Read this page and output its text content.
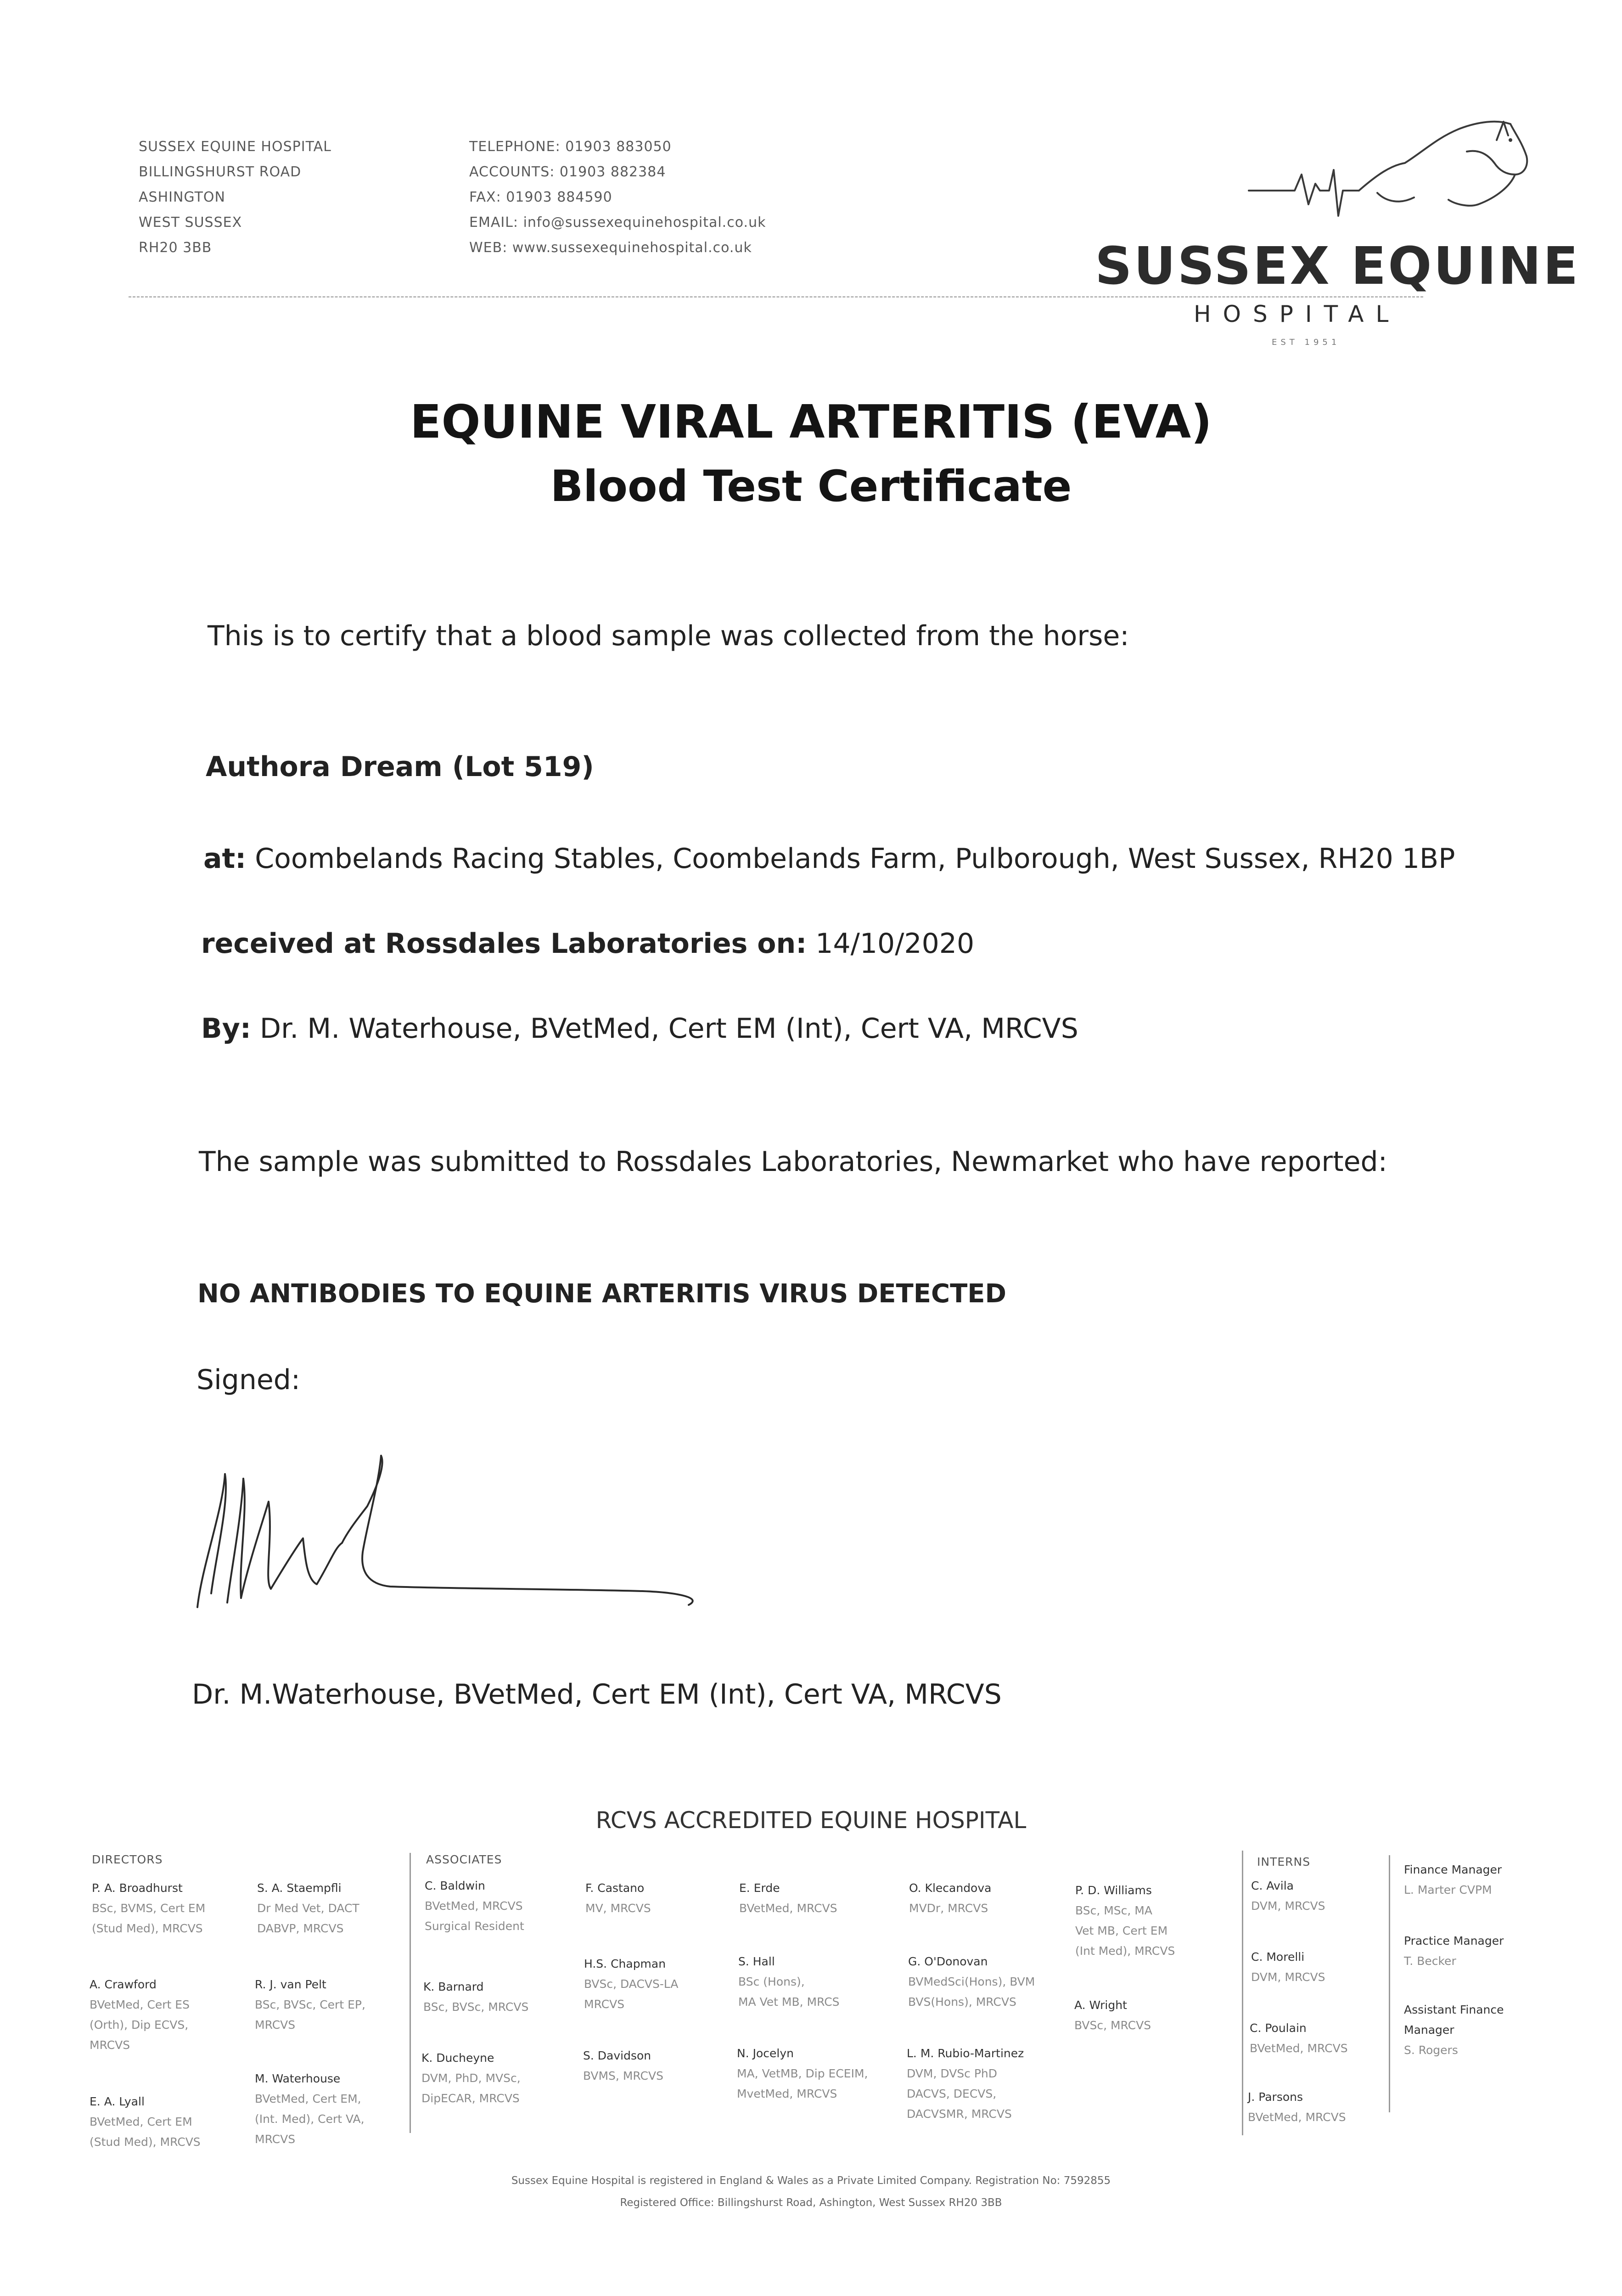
SUSSEX EQUINE HOSPITAL
BILLINGSHURST ROAD
ASHINGTON
WEST SUSSEX
RH20 3BB
TELEPHONE: 01903 883050
ACCOUNTS: 01903 882384
FAX: 01903 884590
EMAIL: info@sussexequinehospital.co.uk
WEB: www.sussexequinehospital.co.uk	SUSSEX EQUINE
HOSPITAL
EST 1951
EQUINE VIRAL ARTERITIS (EVA)
Blood Test Certificate
This is to certify that a blood sample was collected from the horse:
Authora Dream (Lot 519)
at: Coombelands Racing Stables, Coombelands Farm, Pulborough, West Sussex, RH20 1BP
received at Rossdales Laboratories on: 14/10/2020
By: Dr. M. Waterhouse, BVetMed, Cert EM (Int), Cert VA, MRCVS
The sample was submitted to Rossdales Laboratories, Newmarket who have reported:
NO ANTIBODIES TO EQUINE ARTERITIS VIRUS DETECTED
Signed:
Dr. M.Waterhouse, BVetMed, Cert EM (Int), Cert VA, MRCVS
RCVS ACCREDITED EQUINE HOSPITAL
DIRECTORS	ASSOCIATES	INTERNS
P. A. Broadhurst
BSc, BVMS, Cert EM
(Stud Med), MRCVS
A. Crawford
BVetMed, Cert ES
(Orth), Dip ECVS,
MRCVS
E. A. Lyall
BVetMed, Cert EM
(Stud Med), MRCVS
S. A. Staempfli
Dr Med Vet, DACT
DABVP, MRCVS
R. J. van Pelt
BSc, BVSc, Cert EP,
MRCVS
M. Waterhouse
BVetMed, Cert EM,
(Int. Med), Cert VA,
MRCVS
C. Baldwin
BVetMed, MRCVS
Surgical Resident
K. Barnard
BSc, BVSc, MRCVS
K. Ducheyne
DVM, PhD, MVSc,
DipECAR, MRCVS
F. Castano
MV, MRCVS
H.S. Chapman
BVSc, DACVS-LA
MRCVS
S. Davidson
BVMS, MRCVS
E. Erde
BVetMed, MRCVS
S. Hall
BSc (Hons),
MA Vet MB, MRCS
N. Jocelyn
MA, VetMB, Dip ECEIM,
MvetMed, MRCVS
O. Klecandova
MVDr, MRCVS
G. O'Donovan
BVMedSci(Hons), BVM
BVS(Hons), MRCVS
L. M. Rubio-Martinez
DVM, DVSc PhD
DACVS, DECVS,
DACVSMR, MRCVS
P. D. Williams
BSc, MSc, MA
Vet MB, Cert EM
(Int Med), MRCVS
A. Wright
BVSc, MRCVS
C. Avila
DVM, MRCVS
C. Morelli
DVM, MRCVS
C. Poulain
BVetMed, MRCVS
J. Parsons
BVetMed, MRCVS
Finance Manager
L. Marter CVPM
Practice Manager
T. Becker
Assistant Finance
Manager
S. Rogers
Sussex Equine Hospital is registered in England & Wales as a Private Limited Company. Registration No: 7592855
Registered Office: Billingshurst Road, Ashington, West Sussex RH20 3BB
